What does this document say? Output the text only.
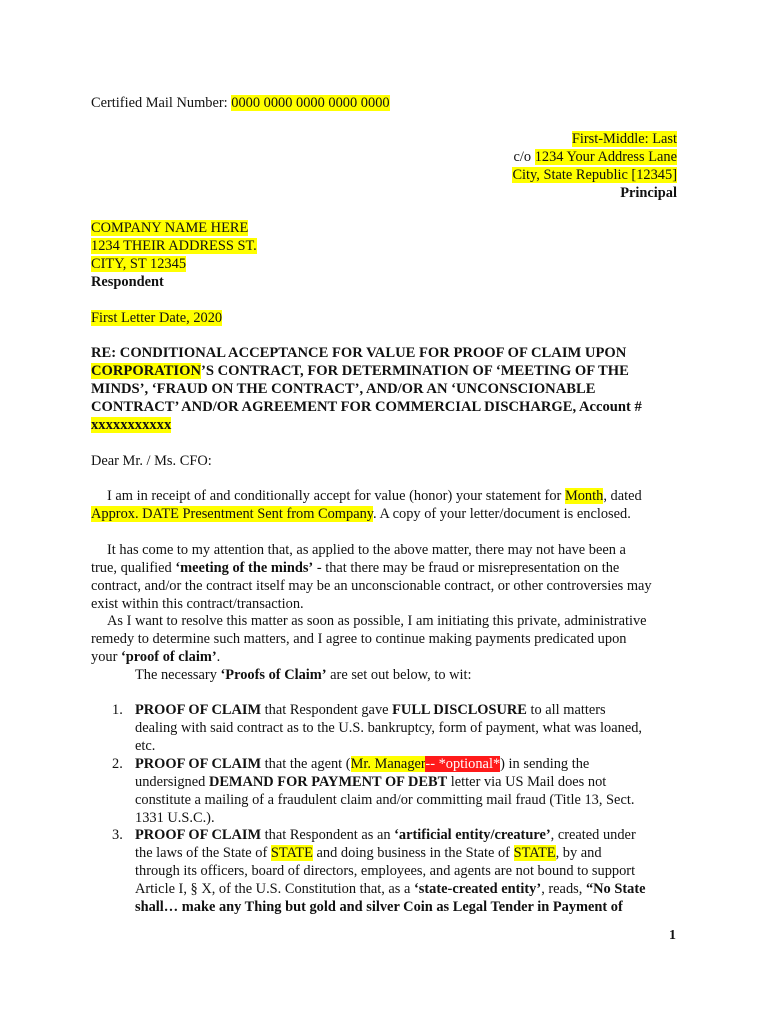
Certified Mail Number: 0000 0000 0000 0000 0000
First-Middle: Last
c/o 1234 Your Address Lane
City, State Republic [12345]
Principal
COMPANY NAME HERE
1234 THEIR ADDRESS ST.
CITY, ST 12345
Respondent
First Letter Date, 2020
RE: CONDITIONAL ACCEPTANCE FOR VALUE FOR PROOF OF CLAIM UPON
CORPORATION’S CONTRACT, FOR DETERMINATION OF ‘MEETING OF THE
MINDS’, ‘FRAUD ON THE CONTRACT’, AND/OR AN ‘UNCONSCIONABLE
CONTRACT’ AND/OR AGREEMENT FOR COMMERCIAL DISCHARGE, Account #
xxxxxxxxxxx
Dear Mr. / Ms. CFO:
I am in receipt of and conditionally accept for value (honor) your statement for Month, dated
Approx. DATE Presentment Sent from Company. A copy of your letter/document is enclosed.
It has come to my attention that, as applied to the above matter, there may not have been a
true, qualified ‘meeting of the minds’ - that there may be fraud or misrepresentation on the
contract, and/or the contract itself may be an unconscionable contract, or other controversies may
exist within this contract/transaction.
As I want to resolve this matter as soon as possible, I am initiating this private, administrative
remedy to determine such matters, and I agree to continue making payments predicated upon
your ‘proof of claim’.
The necessary ‘Proofs of Claim’ are set out below, to wit:
1. PROOF OF CLAIM that Respondent gave FULL DISCLOSURE to all matters
dealing with said contract as to the U.S. bankruptcy, form of payment, what was loaned,
etc.
2. PROOF OF CLAIM that the agent (Mr. Manager-- *optional*) in sending the
undersigned DEMAND FOR PAYMENT OF DEBT letter via US Mail does not
constitute a mailing of a fraudulent claim and/or committing mail fraud (Title 13, Sect.
1331 U.S.C.).
3. PROOF OF CLAIM that Respondent as an ‘artificial entity/creature’, created under
the laws of the State of STATE and doing business in the State of STATE, by and
through its officers, board of directors, employees, and agents are not bound to support
Article I, § X, of the U.S. Constitution that, as a ‘state-created entity’, reads, “No State
shall… make any Thing but gold and silver Coin as Legal Tender in Payment of
1
